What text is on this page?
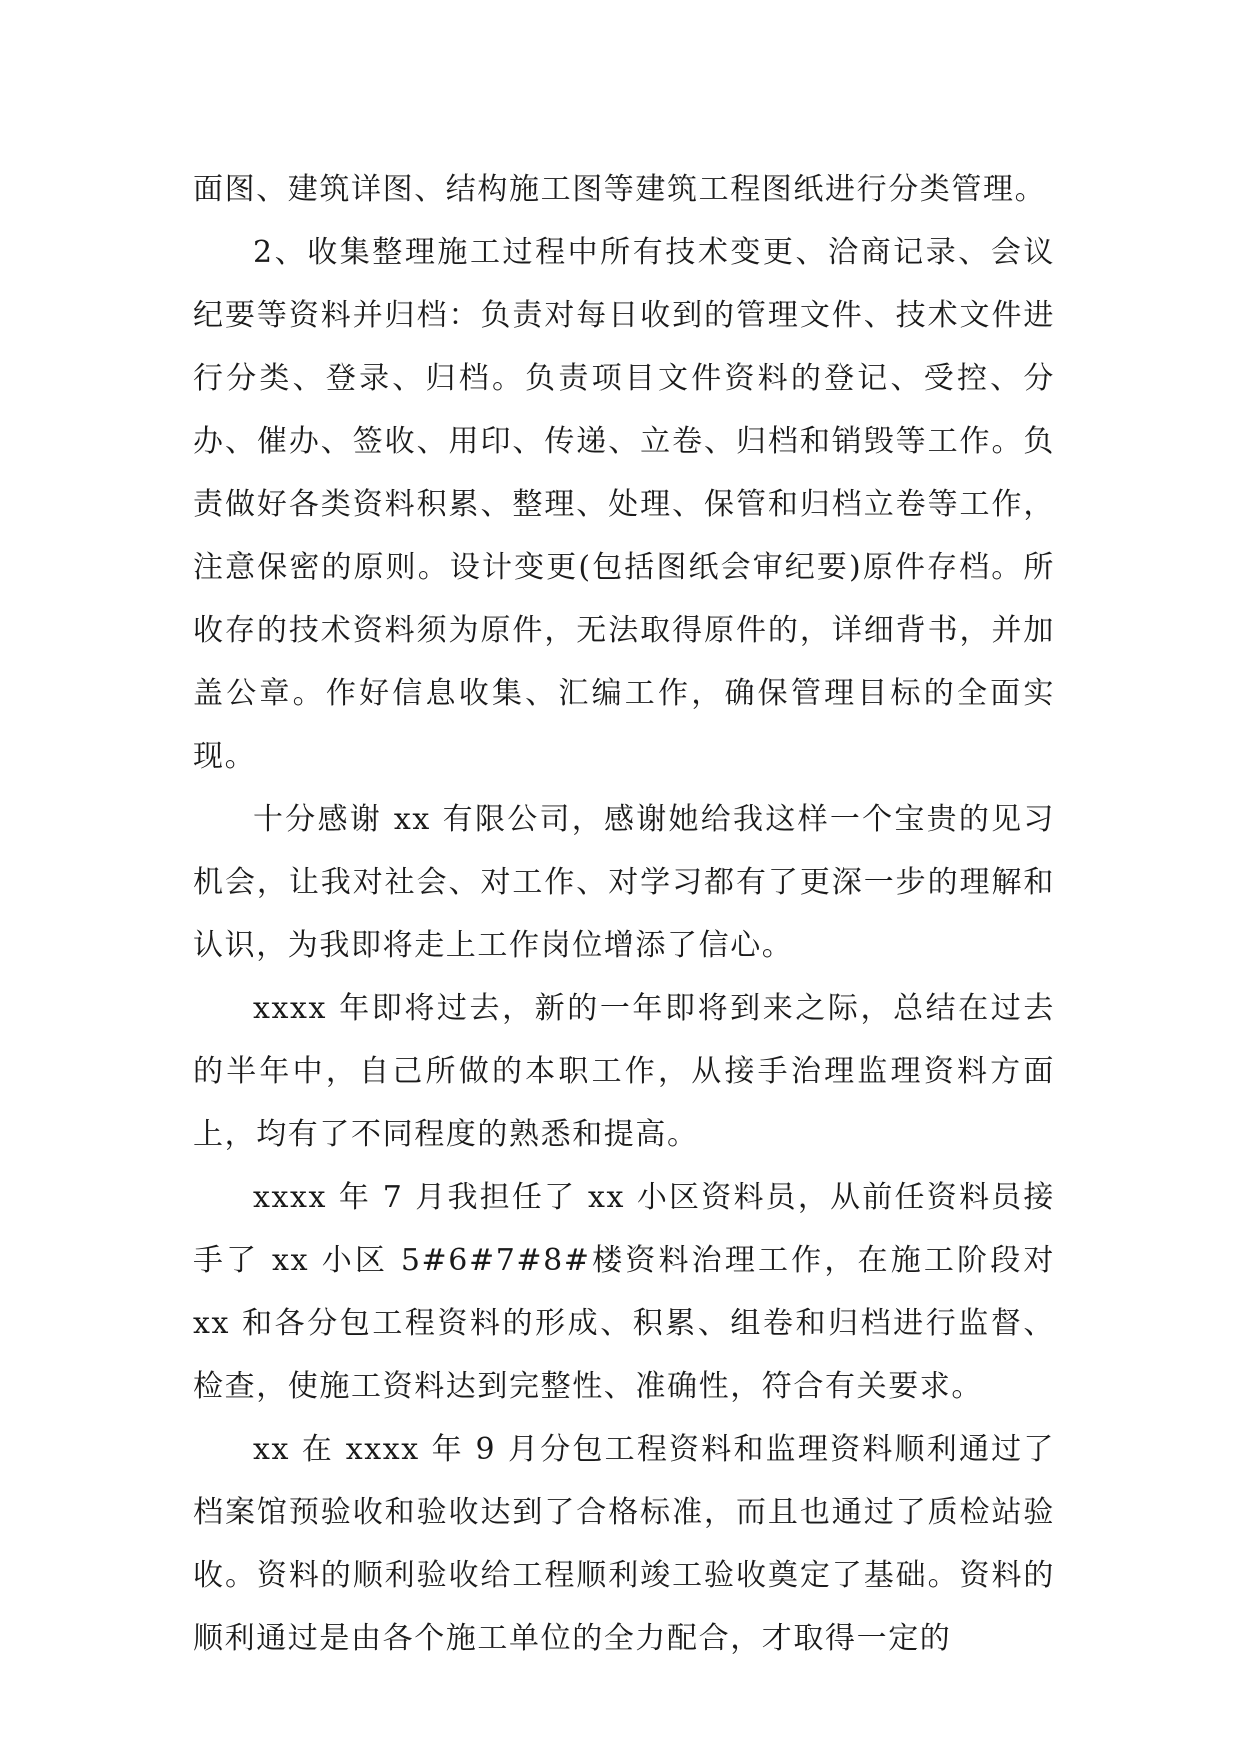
面图、建筑详图、结构施工图等建筑工程图纸进行分类管理。

2、收集整理施工过程中所有技术变更、洽商记录、会议纪要等资料并归档：负责对每日收到的管理文件、技术文件进行分类、登录、归档。负责项目文件资料的登记、受控、分办、催办、签收、用印、传递、立卷、归档和销毁等工作。负责做好各类资料积累、整理、处理、保管和归档立卷等工作，注意保密的原则。设计变更(包括图纸会审纪要)原件存档。所收存的技术资料须为原件，无法取得原件的，详细背书，并加盖公章。作好信息收集、汇编工作，确保管理目标的全面实现。

十分感谢 xx 有限公司，感谢她给我这样一个宝贵的见习机会，让我对社会、对工作、对学习都有了更深一步的理解和认识，为我即将走上工作岗位增添了信心。

xxxx 年即将过去，新的一年即将到来之际，总结在过去的半年中，自己所做的本职工作，从接手治理监理资料方面上，均有了不同程度的熟悉和提高。

xxxx 年 7 月我担任了 xx 小区资料员，从前任资料员接手了 xx 小区 5#6#7#8#楼资料治理工作，在施工阶段对 xx 和各分包工程资料的形成、积累、组卷和归档进行监督、检查，使施工资料达到完整性、准确性，符合有关要求。

xx 在 xxxx 年 9 月分包工程资料和监理资料顺利通过了档案馆预验收和验收达到了合格标准，而且也通过了质检站验收。资料的顺利验收给工程顺利竣工验收奠定了基础。资料的顺利通过是由各个施工单位的全力配合，才取得一定的
